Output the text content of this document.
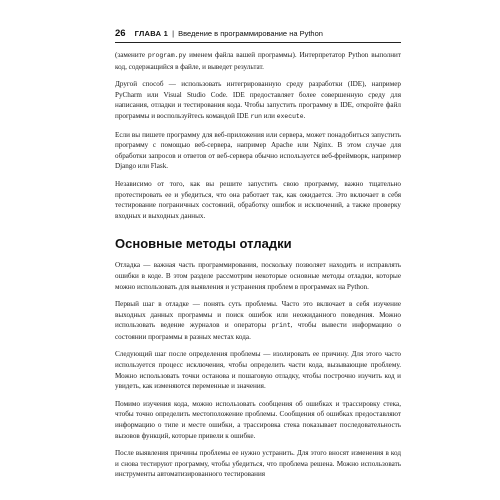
26 ГЛАВА 1 | Введение в программирование на Python

(замените program.py именем файла вашей программы). Интерпретатор Python выполнит код, содержащийся в файле, и выведет результат.

Другой способ — использовать интегрированную среду разработки (IDE), например PyCharm или Visual Studio Code. IDE предоставляет более совершенную среду для написания, отладки и тестирования кода. Чтобы запустить программу в IDE, откройте файл программы и воспользуйтесь командой IDE run или execute.

Если вы пишете программу для веб-приложения или сервера, может понадобиться запустить программу с помощью веб-сервера, например Apache или Nginx. В этом случае для обработки запросов и ответов от веб-сервера обычно используется веб-фреймворк, например Django или Flask.

Независимо от того, как вы решите запустить свою программу, важно тщательно протестировать ее и убедиться, что она работает так, как ожидается. Это включает в себя тестирование пограничных состояний, обработку ошибок и исключений, а также проверку входных и выходных данных.

Основные методы отладки

Отладка — важная часть программирования, поскольку позволяет находить и исправлять ошибки в коде. В этом разделе рассмотрим некоторые основные методы отладки, которые можно использовать для выявления и устранения проблем в программах на Python.

Первый шаг в отладке — понять суть проблемы. Часто это включает в себя изучение выходных данных программы и поиск ошибок или неожиданного поведения. Можно использовать ведение журналов и операторы print, чтобы вывести информацию о состоянии программы в разных местах кода.

Следующий шаг после определения проблемы — изолировать ее причину. Для этого часто используется процесс исключения, чтобы определить части кода, вызывающие проблему. Можно использовать точки останова и пошаговую отладку, чтобы построчно изучить код и увидеть, как изменяются переменные и значения.

Помимо изучения кода, можно использовать сообщения об ошибках и трассировку стека, чтобы точно определить местоположение проблемы. Сообщения об ошибках предоставляют информацию о типе и месте ошибки, а трассировка стека показывает последовательность вызовов функций, которые привели к ошибке.

После выявления причины проблемы ее нужно устранить. Для этого вносят изменения в код и снова тестируют программу, чтобы убедиться, что проблема решена. Можно использовать инструменты автоматизированного тестирования
